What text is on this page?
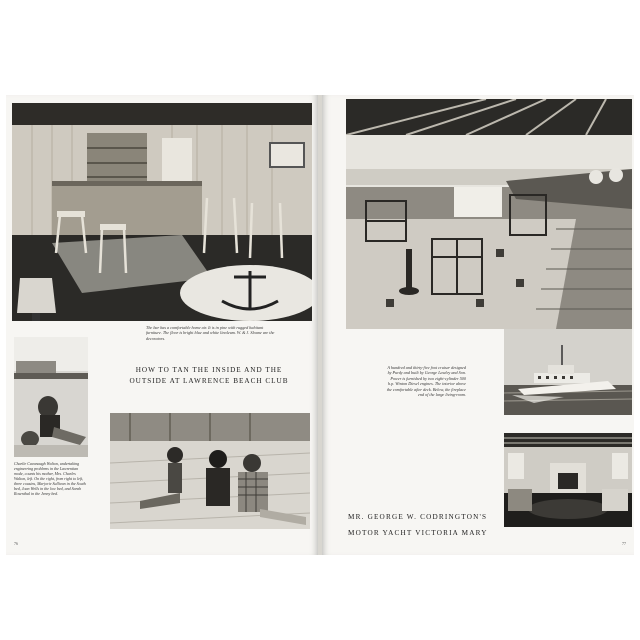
The bar has a comfortable home air. It is in pine with rugged habitant furniture. The floor is bright blue and white linoleum. W. & J. Sloane are the decorators.
Charlie Cavanaugh Walton, undertaking engineering problems in the Lawrentian mode, counts his mother, Mrs. Charles Walton, left. On the right, from right to left, three cousins, Marjorie Sullivan in the South bed, Joan Wells in the low bed, and Sarah Rosenthal in the Jenny bed.
HOW TO TAN THE INSIDE AND THE
OUTSIDE AT LAWRENCE BEACH CLUB
76
A hundred and thirty-five foot cruiser designed by Purdy and built by George Lawley and Son. Power is furnished by two eight-cylinder 500 h.p. Winton Diesel engines. The interior above the comfortable after deck. Below, the fireplace end of the large living-room.
MR. GEORGE W. CODRINGTON'S
MOTOR YACHT VICTORIA MARY
77
